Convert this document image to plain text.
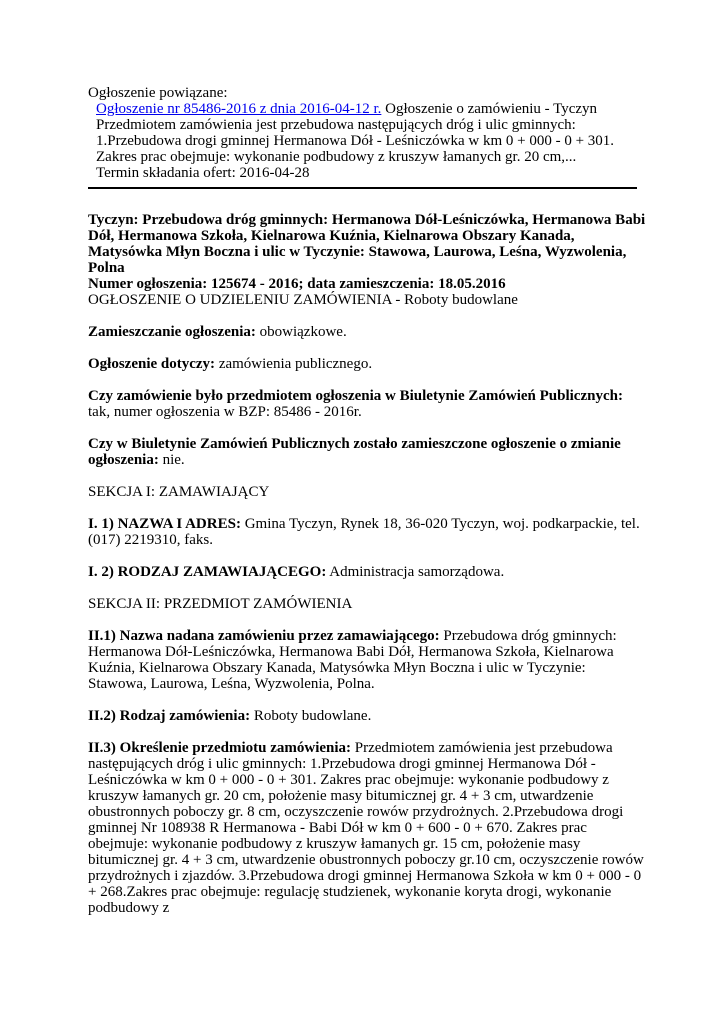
Ogłoszenie powiązane:
Ogłoszenie nr 85486-2016 z dnia 2016-04-12 r. Ogłoszenie o zamówieniu - Tyczyn
Przedmiotem zamówienia jest przebudowa następujących dróg i ulic gminnych:
1.Przebudowa drogi gminnej Hermanowa Dół - Leśniczówka w km 0 + 000 - 0 + 301.
Zakres prac obejmuje: wykonanie podbudowy z kruszyw łamanych gr. 20 cm,...
Termin składania ofert: 2016-04-28
Tyczyn: Przebudowa dróg gminnych: Hermanowa Dół-Leśniczówka, Hermanowa Babi Dół, Hermanowa Szkoła, Kielnarowa Kuźnia, Kielnarowa Obszary Kanada, Matysówka Młyn Boczna i ulic w Tyczynie: Stawowa, Laurowa, Leśna, Wyzwolenia, Polna
Numer ogłoszenia: 125674 - 2016; data zamieszczenia: 18.05.2016
OGŁOSZENIE O UDZIELENIU ZAMÓWIENIA - Roboty budowlane

Zamieszczanie ogłoszenia: obowiązkowe.

Ogłoszenie dotyczy: zamówienia publicznego.

Czy zamówienie było przedmiotem ogłoszenia w Biuletynie Zamówień Publicznych: tak, numer ogłoszenia w BZP: 85486 - 2016r.

Czy w Biuletynie Zamówień Publicznych zostało zamieszczone ogłoszenie o zmianie ogłoszenia: nie.

SEKCJA I: ZAMAWIAJĄCY

I. 1) NAZWA I ADRES: Gmina Tyczyn, Rynek 18, 36-020 Tyczyn, woj. podkarpackie, tel. (017) 2219310, faks.

I. 2) RODZAJ ZAMAWIAJĄCEGO: Administracja samorządowa.

SEKCJA II: PRZEDMIOT ZAMÓWIENIA

II.1) Nazwa nadana zamówieniu przez zamawiającego: Przebudowa dróg gminnych: Hermanowa Dół-Leśniczówka, Hermanowa Babi Dół, Hermanowa Szkoła, Kielnarowa Kuźnia, Kielnarowa Obszary Kanada, Matysówka Młyn Boczna i ulic w Tyczynie: Stawowa, Laurowa, Leśna, Wyzwolenia, Polna.

II.2) Rodzaj zamówienia: Roboty budowlane.

II.3) Określenie przedmiotu zamówienia: Przedmiotem zamówienia jest przebudowa następujących dróg i ulic gminnych: 1.Przebudowa drogi gminnej Hermanowa Dół - Leśniczówka w km 0 + 000 - 0 + 301. Zakres prac obejmuje: wykonanie podbudowy z kruszyw łamanych gr. 20 cm, położenie masy bitumicznej gr. 4 + 3 cm, utwardzenie obustronnych poboczy gr. 8 cm, oczyszczenie rowów przydrożnych. 2.Przebudowa drogi gminnej Nr 108938 R Hermanowa - Babi Dół w km 0 + 600 - 0 + 670. Zakres prac obejmuje: wykonanie podbudowy z kruszyw łamanych gr. 15 cm, położenie masy bitumicznej gr. 4 + 3 cm, utwardzenie obustronnych poboczy gr.10 cm, oczyszczenie rowów przydrożnych i zjazdów. 3.Przebudowa drogi gminnej Hermanowa Szkoła w km 0 + 000 - 0 + 268.Zakres prac obejmuje: regulację studzienek, wykonanie koryta drogi, wykonanie podbudowy z
